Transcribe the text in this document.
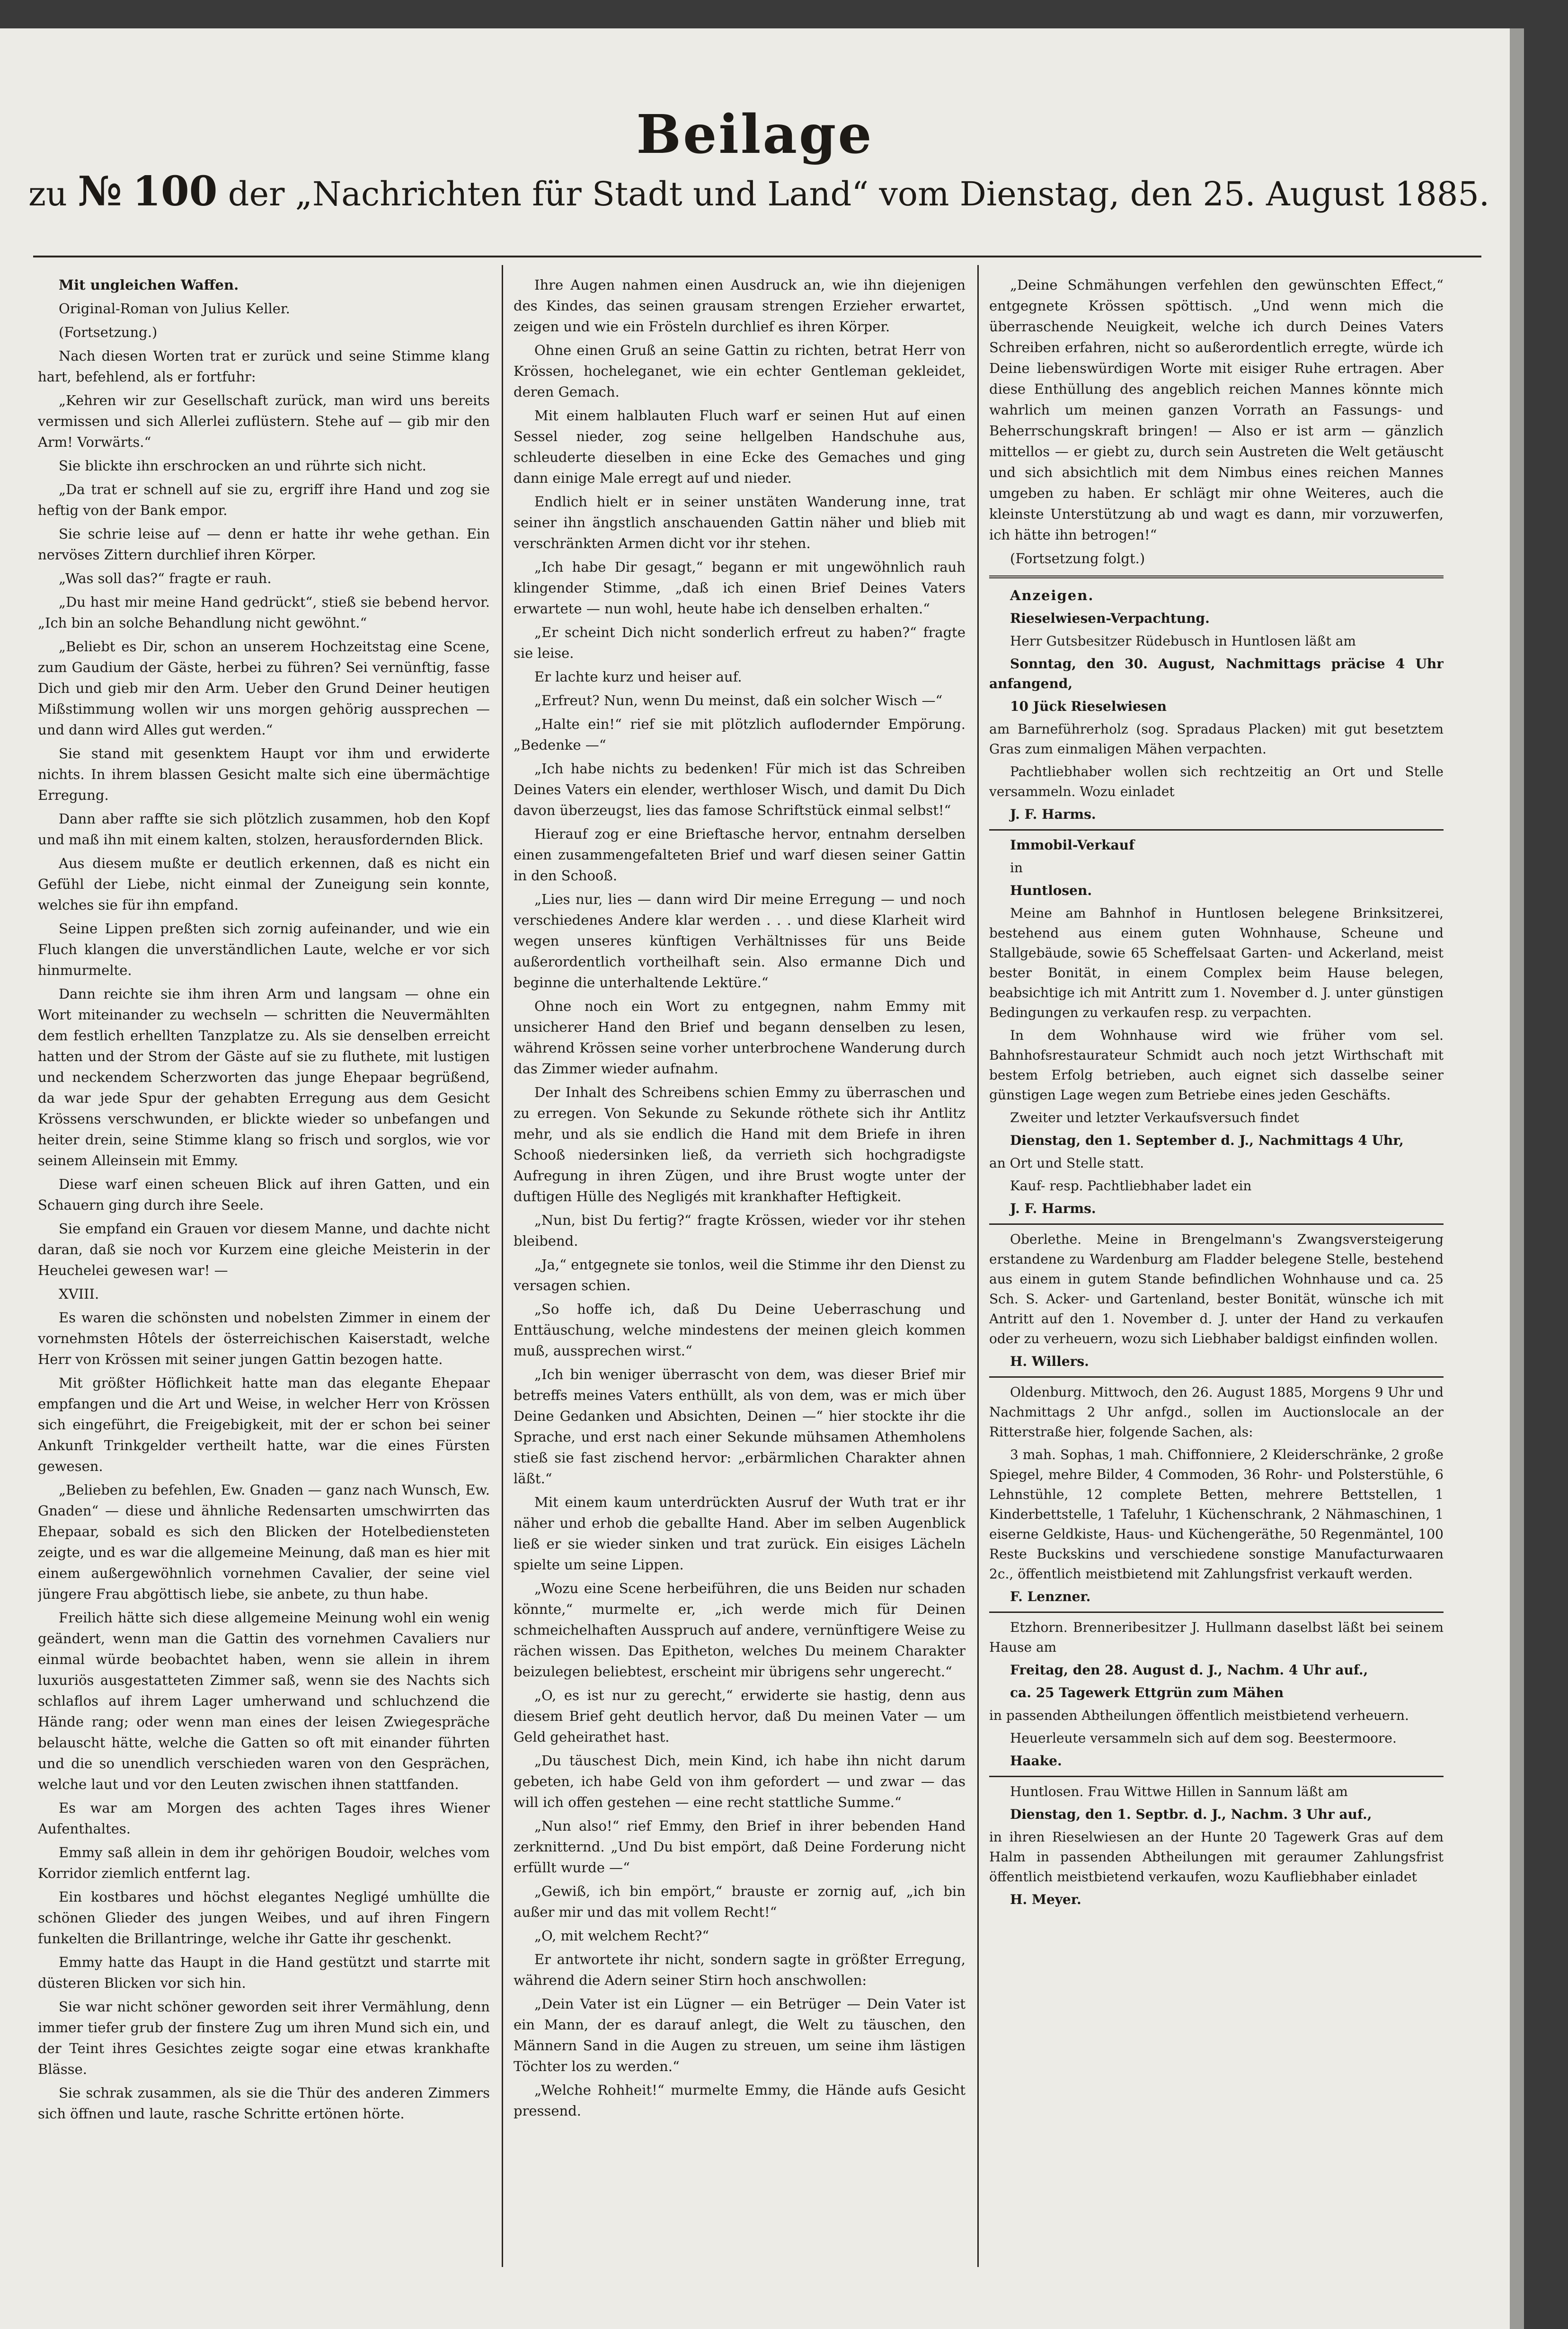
Beilage
zu № 100 der „Nachrichten für Stadt und Land“ vom Dienstag, den 25. August 1885.

Mit ungleichen Waffen.

Original-Roman von Julius Keller.

(Fortsetzung.)

Nach diesen Worten trat er zurück und seine Stimme klang hart, befehlend, als er fortfuhr:

„Kehren wir zur Gesellschaft zurück, man wird uns bereits vermissen und sich Allerlei zuflüstern. Stehe auf — gib mir den Arm! Vorwärts.“

Sie blickte ihn erschrocken an und rührte sich nicht.

„Da trat er schnell auf sie zu, ergriff ihre Hand und zog sie heftig von der Bank empor.

Sie schrie leise auf — denn er hatte ihr wehe gethan. Ein nervöses Zittern durchlief ihren Körper.

„Was soll das?“ fragte er rauh.

„Du hast mir meine Hand gedrückt“, stieß sie bebend hervor. „Ich bin an solche Behandlung nicht gewöhnt.“

„Beliebt es Dir, schon an unserem Hochzeitstag eine Scene, zum Gaudium der Gäste, herbei zu führen? Sei vernünftig, fasse Dich und gieb mir den Arm. Ueber den Grund Deiner heutigen Mißstimmung wollen wir uns morgen gehörig aussprechen — und dann wird Alles gut werden.“

Sie stand mit gesenktem Haupt vor ihm und erwiderte nichts. In ihrem blassen Gesicht malte sich eine übermächtige Erregung.

Dann aber raffte sie sich plötzlich zusammen, hob den Kopf und maß ihn mit einem kalten, stolzen, herausfordernden Blick.

Aus diesem mußte er deutlich erkennen, daß es nicht ein Gefühl der Liebe, nicht einmal der Zuneigung sein konnte, welches sie für ihn empfand.

Seine Lippen preßten sich zornig aufeinander, und wie ein Fluch klangen die unverständlichen Laute, welche er vor sich hinmurmelte.

Dann reichte sie ihm ihren Arm und langsam — ohne ein Wort miteinander zu wechseln — schritten die Neuvermählten dem festlich erhellten Tanzplatze zu. Als sie denselben erreicht hatten und der Strom der Gäste auf sie zu fluthete, mit lustigen und neckendem Scherzworten das junge Ehepaar begrüßend, da war jede Spur der gehabten Erregung aus dem Gesicht Krössens verschwunden, er blickte wieder so unbefangen und heiter drein, seine Stimme klang so frisch und sorglos, wie vor seinem Alleinsein mit Emmy.

Diese warf einen scheuen Blick auf ihren Gatten, und ein Schauern ging durch ihre Seele.

Sie empfand ein Grauen vor diesem Manne, und dachte nicht daran, daß sie noch vor Kurzem eine gleiche Meisterin in der Heuchelei gewesen war! —

XVIII.

Es waren die schönsten und nobelsten Zimmer in einem der vornehmsten Hôtels der österreichischen Kaiserstadt, welche Herr von Krössen mit seiner jungen Gattin bezogen hatte.

Mit größter Höflichkeit hatte man das elegante Ehepaar empfangen und die Art und Weise, in welcher Herr von Krössen sich eingeführt, die Freigebigkeit, mit der er schon bei seiner Ankunft Trinkgelder vertheilt hatte, war die eines Fürsten gewesen.

„Belieben zu befehlen, Ew. Gnaden — ganz nach Wunsch, Ew. Gnaden“ — diese und ähnliche Redensarten umschwirrten das Ehepaar, sobald es sich den Blicken der Hotelbediensteten zeigte, und es war die allgemeine Meinung, daß man es hier mit einem außergewöhnlich vornehmen Cavalier, der seine viel jüngere Frau abgöttisch liebe, sie anbete, zu thun habe.

Freilich hätte sich diese allgemeine Meinung wohl ein wenig geändert, wenn man die Gattin des vornehmen Cavaliers nur einmal würde beobachtet haben, wenn sie allein in ihrem luxuriös ausgestatteten Zimmer saß, wenn sie des Nachts sich schlaflos auf ihrem Lager umherwand und schluchzend die Hände rang; oder wenn man eines der leisen Zwiegespräche belauscht hätte, welche die Gatten so oft mit einander führten und die so unendlich verschieden waren von den Gesprächen, welche laut und vor den Leuten zwischen ihnen stattfanden.

Es war am Morgen des achten Tages ihres Wiener Aufenthaltes.

Emmy saß allein in dem ihr gehörigen Boudoir, welches vom Korridor ziemlich entfernt lag.

Ein kostbares und höchst elegantes Negligé umhüllte die schönen Glieder des jungen Weibes, und auf ihren Fingern funkelten die Brillantringe, welche ihr Gatte ihr geschenkt.

Emmy hatte das Haupt in die Hand gestützt und starrte mit düsteren Blicken vor sich hin.

Sie war nicht schöner geworden seit ihrer Vermählung, denn immer tiefer grub der finstere Zug um ihren Mund sich ein, und der Teint ihres Gesichtes zeigte sogar eine etwas krankhafte Blässe.

Sie schrak zusammen, als sie die Thür des anderen Zimmers sich öffnen und laute, rasche Schritte ertönen hörte.

Ihre Augen nahmen einen Ausdruck an, wie ihn diejenigen des Kindes, das seinen grausam strengen Erzieher erwartet, zeigen und wie ein Frösteln durchlief es ihren Körper.

Ohne einen Gruß an seine Gattin zu richten, betrat Herr von Krössen, hocheleganet, wie ein echter Gentleman gekleidet, deren Gemach.

Mit einem halblauten Fluch warf er seinen Hut auf einen Sessel nieder, zog seine hellgelben Handschuhe aus, schleuderte dieselben in eine Ecke des Gemaches und ging dann einige Male erregt auf und nieder.

Endlich hielt er in seiner unstäten Wanderung inne, trat seiner ihn ängstlich anschauenden Gattin näher und blieb mit verschränkten Armen dicht vor ihr stehen.

„Ich habe Dir gesagt,“ begann er mit ungewöhnlich rauh klingender Stimme, „daß ich einen Brief Deines Vaters erwartete — nun wohl, heute habe ich denselben erhalten.“

„Er scheint Dich nicht sonderlich erfreut zu haben?“ fragte sie leise.

Er lachte kurz und heiser auf.

„Erfreut? Nun, wenn Du meinst, daß ein solcher Wisch —“

„Halte ein!“ rief sie mit plötzlich auflodernder Empörung. „Bedenke —“

„Ich habe nichts zu bedenken! Für mich ist das Schreiben Deines Vaters ein elender, werthloser Wisch, und damit Du Dich davon überzeugst, lies das famose Schriftstück einmal selbst!“

Hierauf zog er eine Brieftasche hervor, entnahm derselben einen zusammengefalteten Brief und warf diesen seiner Gattin in den Schooß.

„Lies nur, lies — dann wird Dir meine Erregung — und noch verschiedenes Andere klar werden . . . und diese Klarheit wird wegen unseres künftigen Verhältnisses für uns Beide außerordentlich vortheilhaft sein. Also ermanne Dich und beginne die unterhaltende Lektüre.“

Ohne noch ein Wort zu entgegnen, nahm Emmy mit unsicherer Hand den Brief und begann denselben zu lesen, während Krössen seine vorher unterbrochene Wanderung durch das Zimmer wieder aufnahm.

Der Inhalt des Schreibens schien Emmy zu überraschen und zu erregen. Von Sekunde zu Sekunde röthete sich ihr Antlitz mehr, und als sie endlich die Hand mit dem Briefe in ihren Schooß niedersinken ließ, da verrieth sich hochgradigste Aufregung in ihren Zügen, und ihre Brust wogte unter der duftigen Hülle des Negligés mit krankhafter Heftigkeit.

„Nun, bist Du fertig?“ fragte Krössen, wieder vor ihr stehen bleibend.

„Ja,“ entgegnete sie tonlos, weil die Stimme ihr den Dienst zu versagen schien.

„So hoffe ich, daß Du Deine Ueberraschung und Enttäuschung, welche mindestens der meinen gleich kommen muß, aussprechen wirst.“

„Ich bin weniger überrascht von dem, was dieser Brief mir betreffs meines Vaters enthüllt, als von dem, was er mich über Deine Gedanken und Absichten, Deinen —“ hier stockte ihr die Sprache, und erst nach einer Sekunde mühsamen Athemholens stieß sie fast zischend hervor: „erbärmlichen Charakter ahnen läßt.“

Mit einem kaum unterdrückten Ausruf der Wuth trat er ihr näher und erhob die geballte Hand. Aber im selben Augenblick ließ er sie wieder sinken und trat zurück. Ein eisiges Lächeln spielte um seine Lippen.

„Wozu eine Scene herbeiführen, die uns Beiden nur schaden könnte,“ murmelte er, „ich werde mich für Deinen schmeichelhaften Ausspruch auf andere, vernünftigere Weise zu rächen wissen. Das Epitheton, welches Du meinem Charakter beizulegen beliebtest, erscheint mir übrigens sehr ungerecht.“

„O, es ist nur zu gerecht,“ erwiderte sie hastig, denn aus diesem Brief geht deutlich hervor, daß Du meinen Vater — um Geld geheirathet hast.

„Du täuschest Dich, mein Kind, ich habe ihn nicht darum gebeten, ich habe Geld von ihm gefordert — und zwar — das will ich offen gestehen — eine recht stattliche Summe.“

„Nun also!“ rief Emmy, den Brief in ihrer bebenden Hand zerknitternd. „Und Du bist empört, daß Deine Forderung nicht erfüllt wurde —“

„Gewiß, ich bin empört,“ brauste er zornig auf, „ich bin außer mir und das mit vollem Recht!“

„O, mit welchem Recht?“

Er antwortete ihr nicht, sondern sagte in größter Erregung, während die Adern seiner Stirn hoch anschwollen:

„Dein Vater ist ein Lügner — ein Betrüger — Dein Vater ist ein Mann, der es darauf anlegt, die Welt zu täuschen, den Männern Sand in die Augen zu streuen, um seine ihm lästigen Töchter los zu werden.“

„Welche Rohheit!“ murmelte Emmy, die Hände aufs Gesicht pressend.

„Deine Schmähungen verfehlen den gewünschten Effect,“ entgegnete Krössen spöttisch. „Und wenn mich die überraschende Neuigkeit, welche ich durch Deines Vaters Schreiben erfahren, nicht so außerordentlich erregte, würde ich Deine liebenswürdigen Worte mit eisiger Ruhe ertragen. Aber diese Enthüllung des angeblich reichen Mannes könnte mich wahrlich um meinen ganzen Vorrath an Fassungs- und Beherrschungskraft bringen! — Also er ist arm — gänzlich mittellos — er giebt zu, durch sein Austreten die Welt getäuscht und sich absichtlich mit dem Nimbus eines reichen Mannes umgeben zu haben. Er schlägt mir ohne Weiteres, auch die kleinste Unterstützung ab und wagt es dann, mir vorzuwerfen, ich hätte ihn betrogen!“

(Fortsetzung folgt.)

Anzeigen.

Rieselwiesen-Verpachtung.

Herr Gutsbesitzer Rüdebusch in Huntlosen läßt am

Sonntag, den 30. August, Nachmittags präcise 4 Uhr anfangend,

10 Jück Rieselwiesen

am Barneführerholz (sog. Spradaus Placken) mit gut besetztem Gras zum einmaligen Mähen verpachten.

Pachtliebhaber wollen sich rechtzeitig an Ort und Stelle versammeln. Wozu einladet

J. F. Harms.

Immobil-Verkauf

in

Huntlosen.

Meine am Bahnhof in Huntlosen belegene Brinksitzerei, bestehend aus einem guten Wohnhause, Scheune und Stallgebäude, sowie 65 Scheffelsaat Garten- und Ackerland, meist bester Bonität, in einem Complex beim Hause belegen, beabsichtige ich mit Antritt zum 1. November d. J. unter günstigen Bedingungen zu verkaufen resp. zu verpachten.

In dem Wohnhause wird wie früher vom sel. Bahnhofsrestaurateur Schmidt auch noch jetzt Wirthschaft mit bestem Erfolg betrieben, auch eignet sich dasselbe seiner günstigen Lage wegen zum Betriebe eines jeden Geschäfts.

Zweiter und letzter Verkaufsversuch findet

Dienstag, den 1. September d. J., Nachmittags 4 Uhr,

an Ort und Stelle statt.

Kauf- resp. Pachtliebhaber ladet ein

J. F. Harms.

Oberlethe. Meine in Brengelmann's Zwangsversteigerung erstandene zu Wardenburg am Fladder belegene Stelle, bestehend aus einem in gutem Stande befindlichen Wohnhause und ca. 25 Sch. S. Acker- und Gartenland, bester Bonität, wünsche ich mit Antritt auf den 1. November d. J. unter der Hand zu verkaufen oder zu verheuern, wozu sich Liebhaber baldigst einfinden wollen.

H. Willers.

Oldenburg. Mittwoch, den 26. August 1885, Morgens 9 Uhr und Nachmittags 2 Uhr anfgd., sollen im Auctionslocale an der Ritterstraße hier, folgende Sachen, als:

3 mah. Sophas, 1 mah. Chiffonniere, 2 Kleiderschränke, 2 große Spiegel, mehre Bilder, 4 Commoden, 36 Rohr- und Polsterstühle, 6 Lehnstühle, 12 complete Betten, mehrere Bettstellen, 1 Kinderbettstelle, 1 Tafeluhr, 1 Küchenschrank, 2 Nähmaschinen, 1 eiserne Geldkiste, Haus- und Küchengeräthe, 50 Regenmäntel, 100 Reste Buckskins und verschiedene sonstige Manufacturwaaren 2c., öffentlich meistbietend mit Zahlungsfrist verkauft werden.

F. Lenzner.

Etzhorn. Brenneribesitzer J. Hullmann daselbst läßt bei seinem Hause am

Freitag, den 28. August d. J., Nachm. 4 Uhr auf.,

ca. 25 Tagewerk Ettgrün zum Mähen

in passenden Abtheilungen öffentlich meistbietend verheuern.

Heuerleute versammeln sich auf dem sog. Beestermoore.

Haake.

Huntlosen. Frau Wittwe Hillen in Sannum läßt am

Dienstag, den 1. Septbr. d. J., Nachm. 3 Uhr auf.,

in ihren Rieselwiesen an der Hunte 20 Tagewerk Gras auf dem Halm in passenden Abtheilungen mit geraumer Zahlungsfrist öffentlich meistbietend verkaufen, wozu Kaufliebhaber einladet

H. Meyer.
